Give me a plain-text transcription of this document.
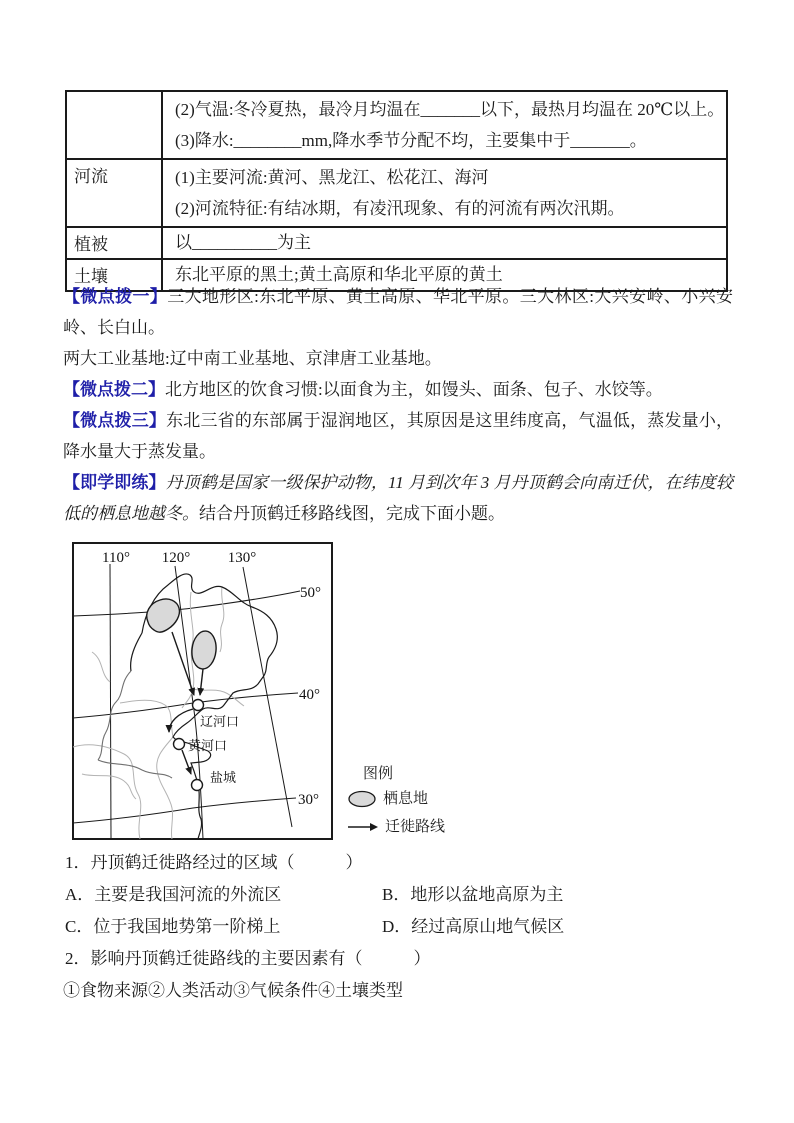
	(2)气温:冬冷夏热，最冷月均温在_______以下，最热月均温在 20℃以上。
(3)降水:________mm,降水季节分配不均，主要集中于_______。

河流	(1)主要河流:黄河、黑龙江、松花江、海河
(2)河流特征:有结冰期，有凌汛现象、有的河流有两次汛期。

植被	以__________为主

土壤	东北平原的黑土;黄土高原和华北平原的黄土

【微点拨一】三大地形区:东北平原、黄土高原、华北平原。三大林区:大兴安岭、小兴安岭、长白山。

两大工业基地:辽中南工业基地、京津唐工业基地。

【微点拨二】北方地区的饮食习惯:以面食为主，如馒头、面条、包子、水饺等。

【微点拨三】东北三省的东部属于湿润地区，其原因是这里纬度高，气温低，蒸发量小，降水量大于蒸发量。

【即学即练】丹顶鹤是国家一级保护动物，11 月到次年 3 月丹顶鹤会向南迁伏，在纬度较低的栖息地越冬。结合丹顶鹤迁移路线图，完成下面小题。

110° 120°	130°
50°
40°
30°
辽河口
黄河口
盐城	图例
栖息地
迁徙路线
1．丹顶鹤迁徙路经过的区域（　　　）
A．主要是我国河流的外流区	B．地形以盆地高原为主
C．位于我国地势第一阶梯上	D．经过高原山地气候区
2．影响丹顶鹤迁徙路线的主要因素有（　　　）
①食物来源②人类活动③气候条件④土壤类型
